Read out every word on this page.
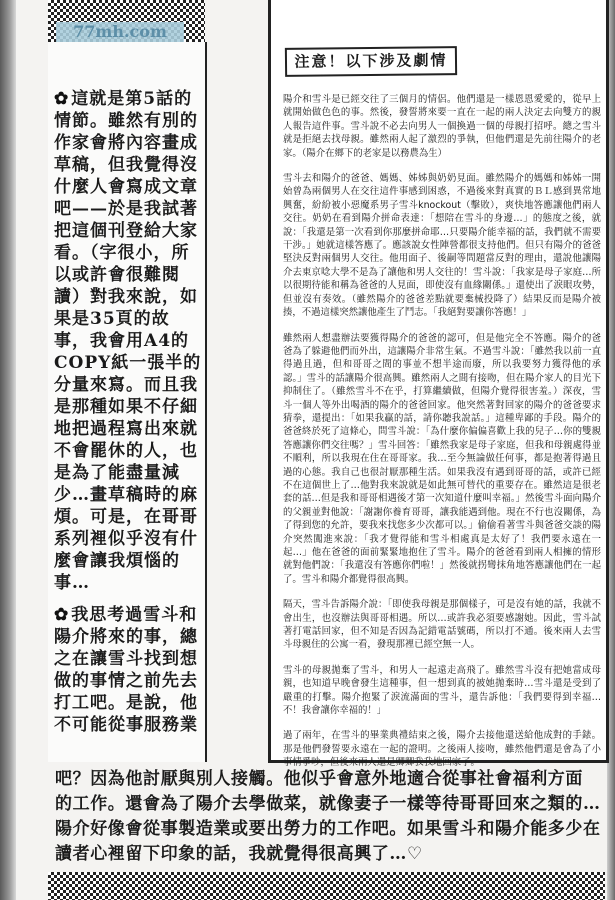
77mh.com

✿ 這就是第5話的情節。雖然有別的作家會將內容畫成草稿，但我覺得沒什麼人會寫成文章吧——於是我試著把這個刊登給大家看。（字很小，所以或許會很難閱讀）對我來說，如果是35頁的故事，我會用A4的COPY紙一張半的分量來寫。而且我是那種如果不仔細地把過程寫出來就不會罷休的人，也是為了能盡量減少…畫草稿時的麻煩。可是，在哥哥系列裡似乎沒有什麼會讓我煩惱的事…

✿ 我思考過雪斗和陽介將來的事，總之在讓雪斗找到想做的事情之前先去打工吧。是說，他不可能從事服務業

注意！以下涉及劇情

陽介和雪斗是已經交往了三個月的情侶。他們還是一樣恩恩愛愛的，從早上就開始做色色的事。然後，發誓將來要一直在一起的兩人決定去向雙方的親人報告這件事。雪斗說不必去向男人一個換過一個的母親打招呼。總之雪斗就是拒絕去找母親。雖然兩人起了激烈的爭執，但他們還是先前往陽介的老家。（陽介在鄉下的老家是以務農為生）

雪斗去和陽介的爸爸、媽媽、姊姊與奶奶見面。雖然陽介的媽媽和姊姊一開始曾為兩個男人在交往這件事感到困惑，不過後來對真實的ＢＬ感到異常地興奮，紛紛被小惡魔系男子雪斗knockout（擊敗），爽快地答應讓他們兩人交往。奶奶在看到陽介拼命表達：「想陪在雪斗的身邊…」的態度之後，就說：「我還是第一次看到你那麼拼命耶…只要陽介能幸福的話，我們就不需要干涉。」她就這樣答應了。應該說女性陣營都很支持他們。但只有陽介的爸爸堅決反對兩個男人交往。他用面子、後嗣等問題當反對的理由，還說他讓陽介去東京唸大學不是為了讓他和男人交往的！雪斗說：「我家是母子家庭…所以很期待能和稱為爸爸的人見面，即使沒有血緣關係。」還使出了淚眼攻勢，但並沒有奏效。（雖然陽介的爸爸差點就要棄械投降了）結果反而是陽介被揍，不過這樣突然讓他產生了鬥志。「我絕對要讓你答應！」

雖然兩人想盡辦法要獲得陽介的爸爸的認可，但是他完全不答應。陽介的爸爸為了躲避他們而外出，這讓陽介非常生氣。不過雪斗說：「雖然我以前一直得過且過，但和哥哥之間的事並不想半途而廢，所以我要努力獲得他的承認。」雪斗的話讓陽介很高興。雖然兩人之間有接吻，但在陽介家人的目光下抑制住了。（雖然雪斗不在乎，打算繼續做，但陽介覺得很害羞。）深夜，雪斗一個人等外出喝酒的陽介的爸爸回家。他突然著對回家的陽介的爸爸要求猜拳，還提出：「如果我贏的話，請你聽我說話。」這種卑鄙的手段。陽介的爸爸終於死了這條心，問雪斗說：「為什麼你偏偏喜歡上我的兒子…你的雙親答應讓你們交往嗎？」雪斗回答：「雖然我家是母子家庭，但我和母親處得並不順利，所以我現在住在哥哥家。我…至今無論做任何事，都是抱著得過且過的心態。我自己也很討厭那種生活。如果我沒有遇到哥哥的話，或許已經不在這個世上了…他對我來說就是如此無可替代的重要存在。雖然這是很老套的話…但是我和哥哥相遇後才第一次知道什麼叫幸福。」然後雪斗面向陽介的父親並對他說：「謝謝你養育哥哥，讓我能遇到他。現在不行也沒關係，為了得到您的允許，要我來找您多少次都可以。」偷偷看著雪斗與爸爸交談的陽介突然闖進來說：「我才覺得能和雪斗相處真是太好了！我們要永遠在一起…」他在爸爸的面前緊緊地抱住了雪斗。陽介的爸爸看到兩人相擁的情形就對他們說：「我還沒有答應你們啦！」然後就拐彎抹角地答應讓他們在一起了。雪斗和陽介都覺得很高興。

隔天，雪斗告訴陽介說：「即使我母親是那個樣子，可是沒有她的話，我就不會出生，也沒辦法與哥哥相遇。所以…或許我必須要感謝她。因此，雪斗試著打電話回家，但不知是否因為記錯電話號碼，所以打不通。後來兩人去雪斗母親住的公寓一看，發現那裡已經空無一人。

雪斗的母親拋棄了雪斗，和男人一起遠走高飛了。雖然雪斗沒有把她當成母親，也知道早晚會發生這種事，但一想到真的被她拋棄時…雪斗還是受到了嚴重的打擊。陽介抱緊了淚流滿面的雪斗，還告訴他：「我們要得到幸福…不！我會讓你幸福的！」

過了兩年，在雪斗的畢業典禮結束之後，陽介去接他還送給他成對的手錶。那是他們發誓要永遠在一起的證明。之後兩人接吻，雖然他們還是會為了小事情爭吵，但後來兩人還是卿卿我我地回家了。

吧？因為他討厭與別人接觸。他似乎會意外地適合從事社會福利方面
的工作。還會為了陽介去學做菜，就像妻子一樣等待哥哥回來之類的…
陽介好像會從事製造業或要出勞力的工作吧。如果雪斗和陽介能多少在
讀者心裡留下印象的話，我就覺得很高興了…♡
